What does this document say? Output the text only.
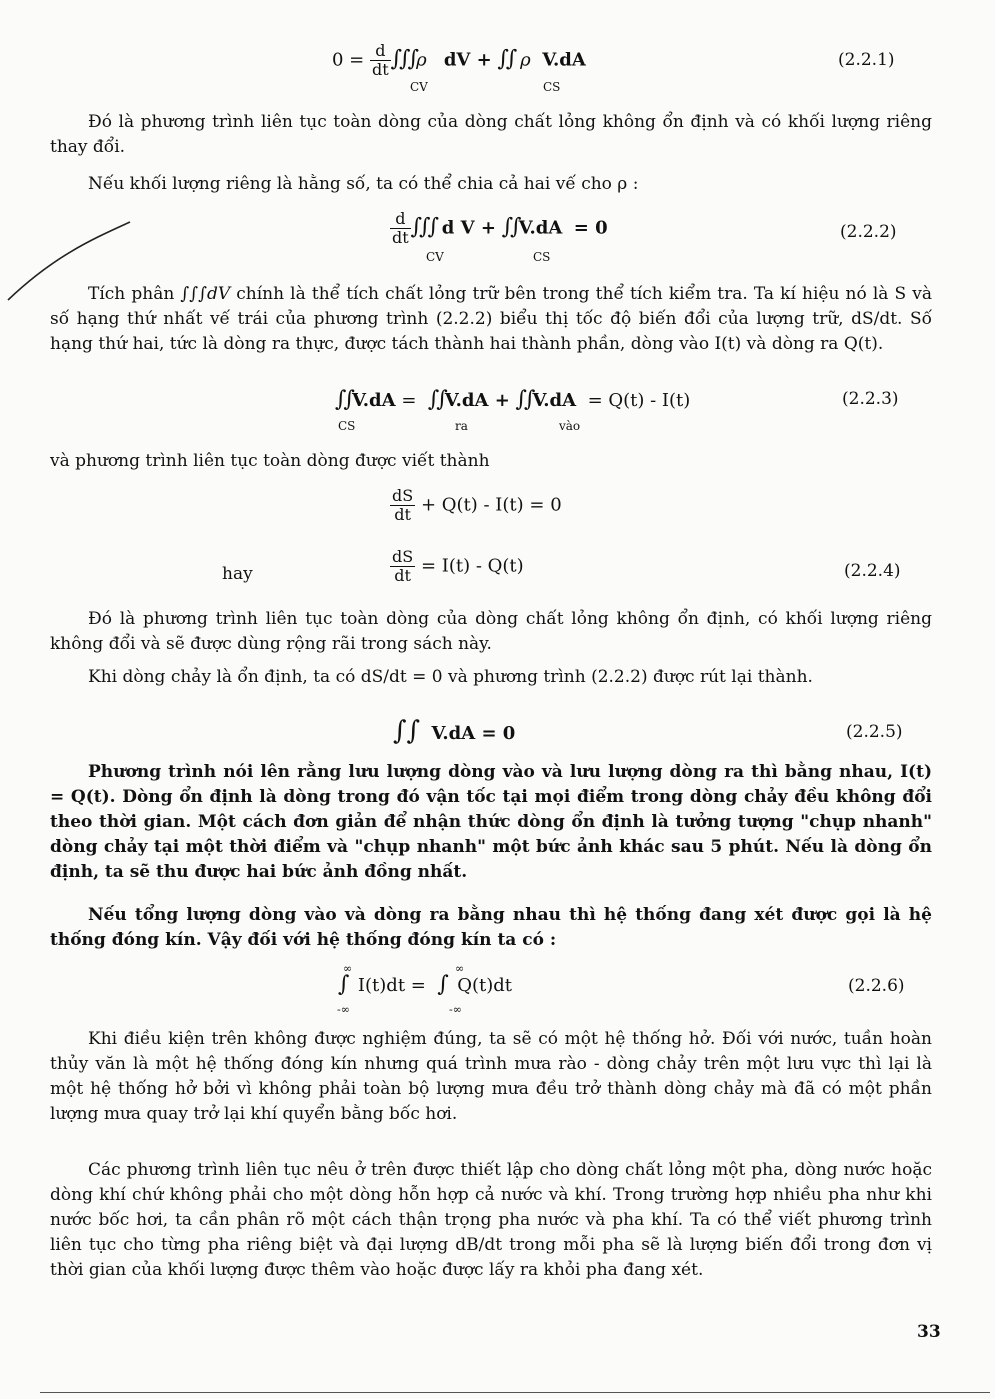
$0 = \frac{d}{dt} \int\int\int\rho$ dV + ∫∫ ρ V.dA
CV	CS
(2.2.1)

Đó là phương trình liên tục toàn dòng của dòng chất lỏng không ổn định và có khối lượng riêng thay đổi.

Nếu khối lượng riêng là hằng số, ta có thể chia cả hai vế cho ρ :

$\frac{d}{dt}$ ∫∫∫ d V + ∫∫V.dA = 0
CV	CS
(2.2.2)

Tích phân ∫∫∫dV chính là thể tích chất lỏng trữ bên trong thể tích kiểm tra. Ta kí hiệu nó là S và số hạng thứ nhất vế trái của phương trình (2.2.2) biểu thị tốc độ biến đổi của lượng trữ, dS/dt. Số hạng thứ hai, tức là dòng ra thực, được tách thành hai thành phần, dòng vào I(t) và dòng ra Q(t).

∫∫V.dA = ∫∫V.dA + ∫∫V.dA = Q(t) - I(t)
CS	ra	vào
(2.2.3)

và phương trình liên tục toàn dòng được viết thành

$\frac{dS}{dt} + Q(t) - I(t) = 0$
hay	$\frac{dS}{dt} = I(t) - Q(t)$	(2.2.4)

Đó là phương trình liên tục toàn dòng của dòng chất lỏng không ổn định, có khối lượng riêng không đổi và sẽ được dùng rộng rãi trong sách này.

Khi dòng chảy là ổn định, ta có dS/dt = 0 và phương trình (2.2.2) được rút lại thành.

∫∫ V.dA = 0	(2.2.5)

Phương trình nói lên rằng lưu lượng dòng vào và lưu lượng dòng ra thì bằng nhau, I(t) = Q(t). Dòng ổn định là dòng trong đó vận tốc tại mọi điểm trong dòng chảy đều không đổi theo thời gian. Một cách đơn giản để nhận thức dòng ổn định là tưởng tượng "chụp nhanh" dòng chảy tại một thời điểm và "chụp nhanh" một bức ảnh khác sau 5 phút. Nếu là dòng ổn định, ta sẽ thu được hai bức ảnh đồng nhất.

Nếu tổng lượng dòng vào và dòng ra bằng nhau thì hệ thống đang xét được gọi là hệ thống đóng kín. Vậy đối với hệ thống đóng kín ta có :

∞
-∞
∞
-∞
∫ I(t)dt = ∫ Q(t)dt	(2.2.6)

Khi điều kiện trên không được nghiệm đúng, ta sẽ có một hệ thống hở. Đối với nước, tuần hoàn thủy văn là một hệ thống đóng kín nhưng quá trình mưa rào - dòng chảy trên một lưu vực thì lại là một hệ thống hở bởi vì không phải toàn bộ lượng mưa đều trở thành dòng chảy mà đã có một phần lượng mưa quay trở lại khí quyển bằng bốc hơi.

Các phương trình liên tục nêu ở trên được thiết lập cho dòng chất lỏng một pha, dòng nước hoặc dòng khí chứ không phải cho một dòng hỗn hợp cả nước và khí. Trong trường hợp nhiều pha như khi nước bốc hơi, ta cần phân rõ một cách thận trọng pha nước và pha khí. Ta có thể viết phương trình liên tục cho từng pha riêng biệt và đại lượng dB/dt trong mỗi pha sẽ là lượng biến đổi trong đơn vị thời gian của khối lượng được thêm vào hoặc được lấy ra khỏi pha đang xét.

33
